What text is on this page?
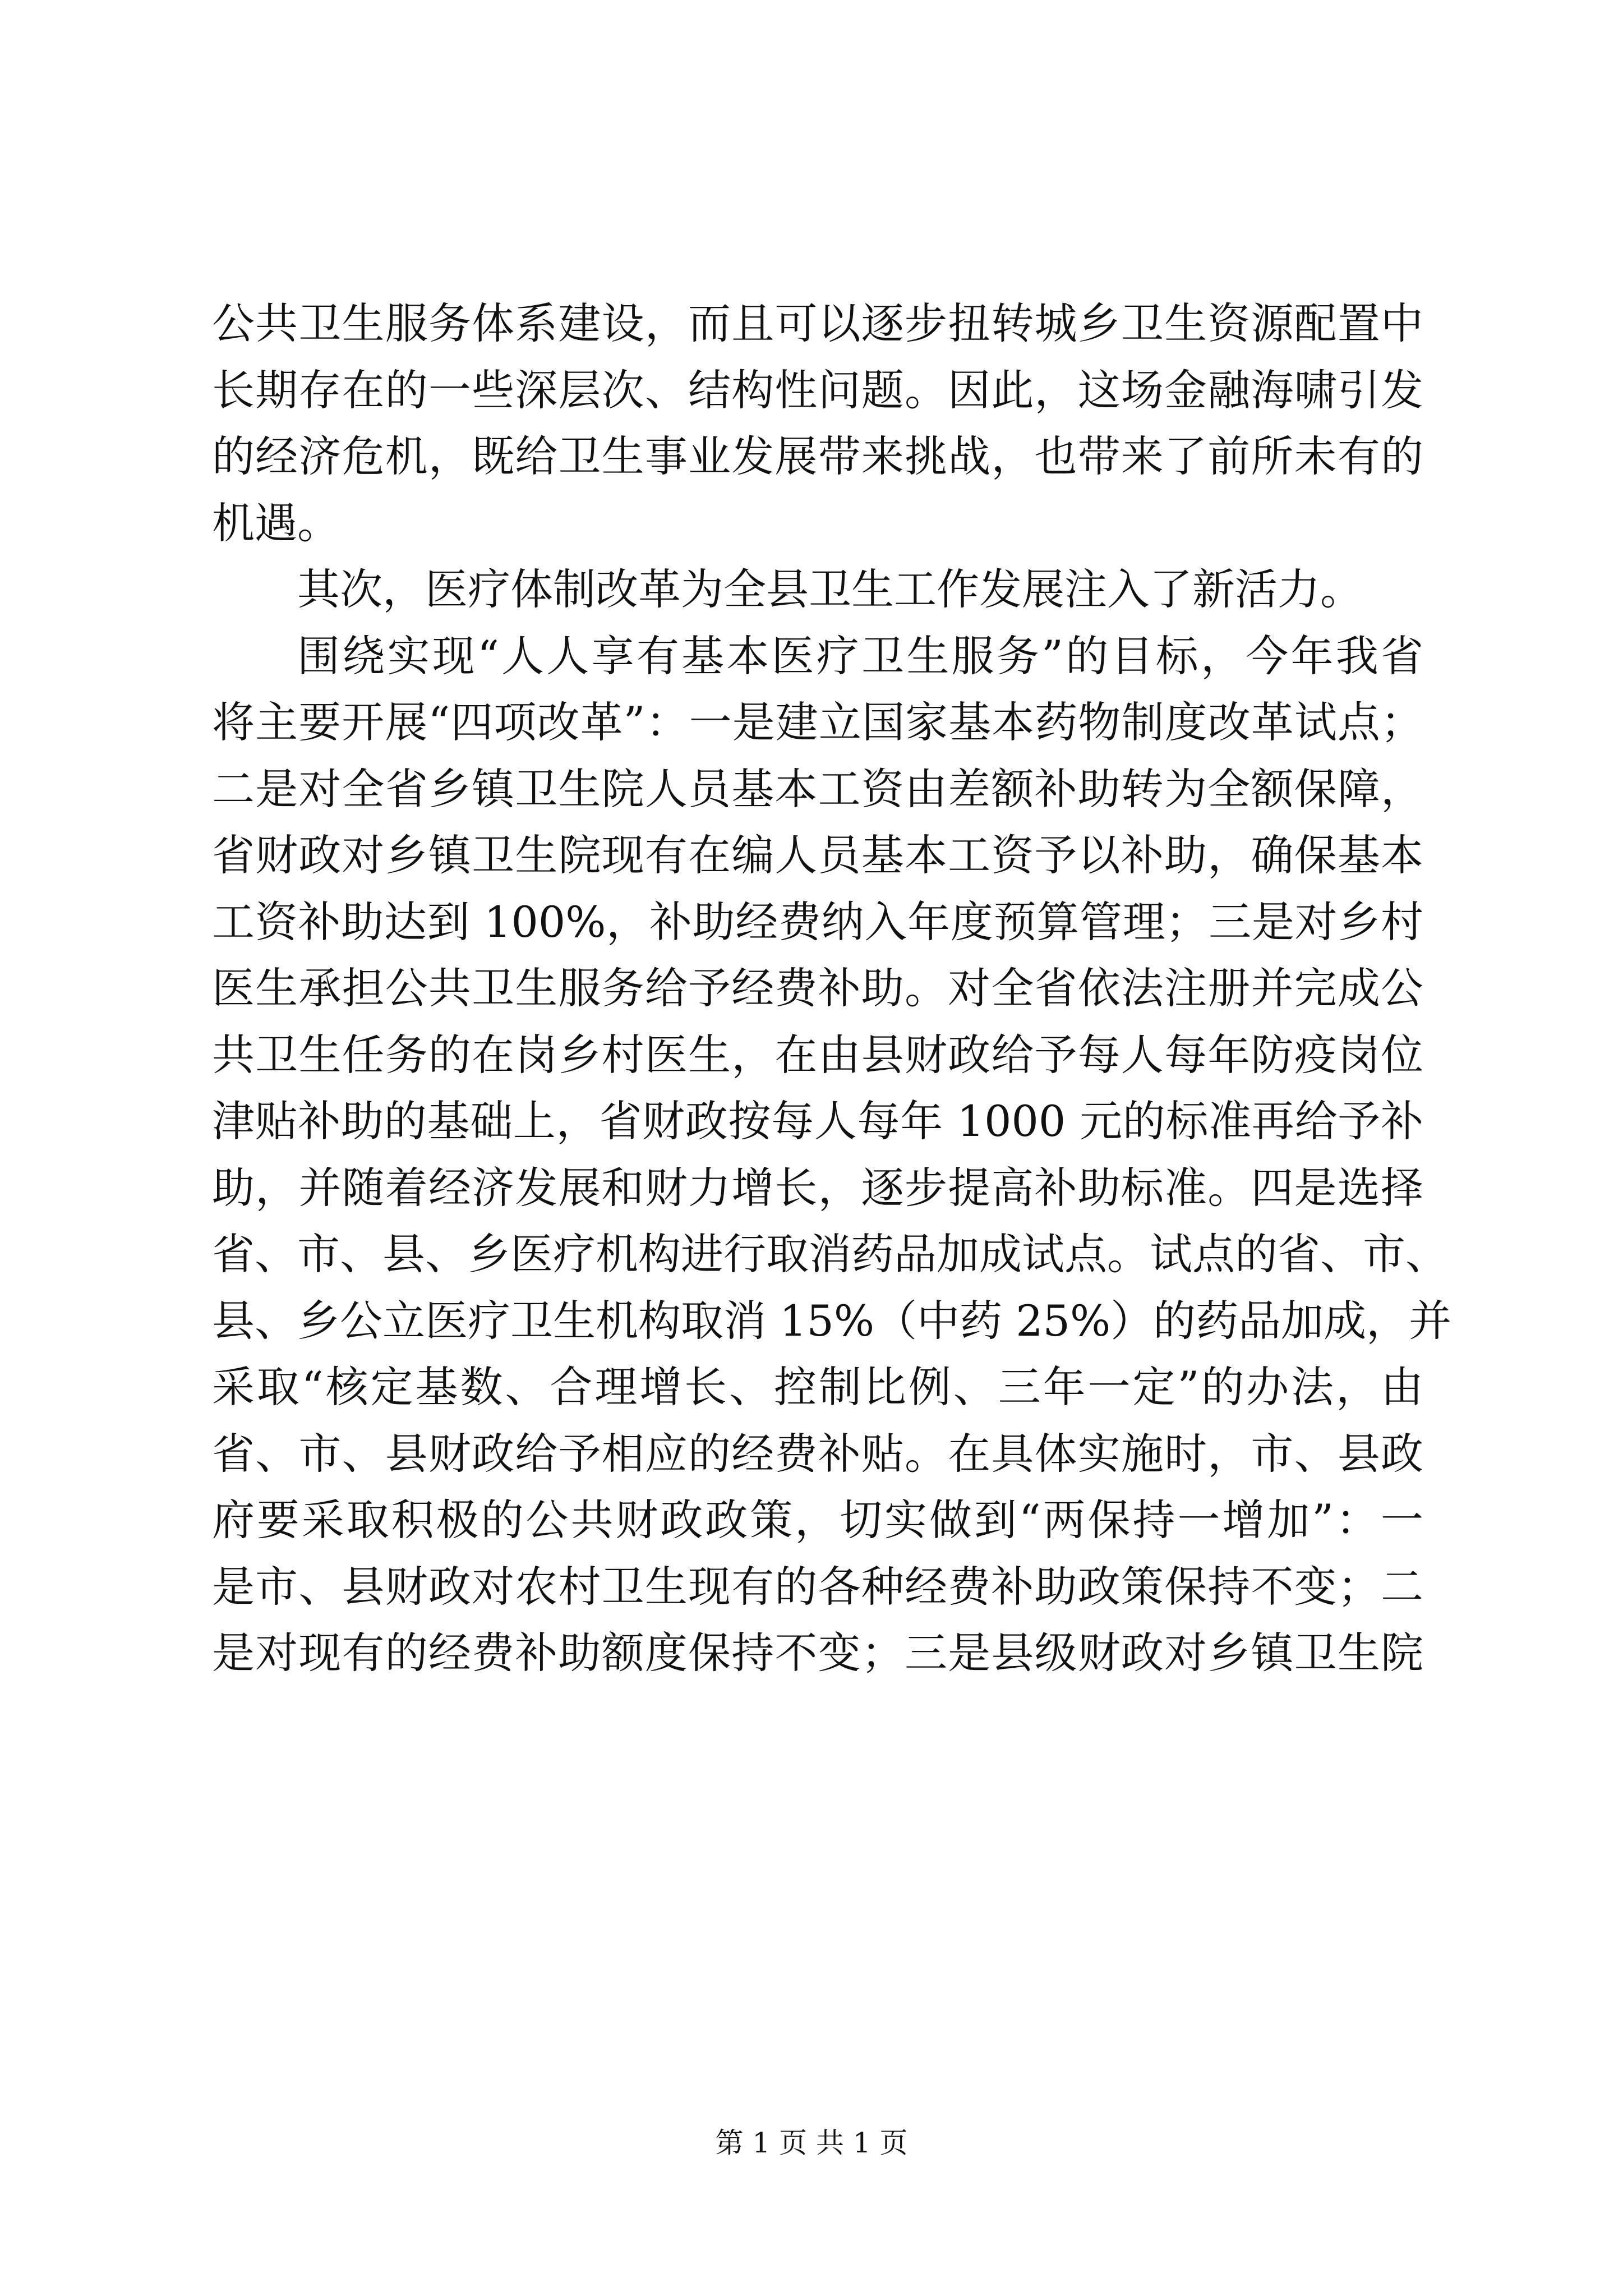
公共卫生服务体系建设，而且可以逐步扭转城乡卫生资源配置中
长期存在的一些深层次、结构性问题。因此，这场金融海啸引发
的经济危机，既给卫生事业发展带来挑战，也带来了前所未有的
机遇。
其次，医疗体制改革为全县卫生工作发展注入了新活力。
围绕实现“人人享有基本医疗卫生服务”的目标，今年我省
将主要开展“四项改革”：一是建立国家基本药物制度改革试点；
二是对全省乡镇卫生院人员基本工资由差额补助转为全额保障，
省财政对乡镇卫生院现有在编人员基本工资予以补助，确保基本
工资补助达到 100%，补助经费纳入年度预算管理；三是对乡村
医生承担公共卫生服务给予经费补助。对全省依法注册并完成公
共卫生任务的在岗乡村医生，在由县财政给予每人每年防疫岗位
津贴补助的基础上，省财政按每人每年 1000 元的标准再给予补
助，并随着经济发展和财力增长，逐步提高补助标准。四是选择
省、市、县、乡医疗机构进行取消药品加成试点。试点的省、市、
县、乡公立医疗卫生机构取消 15%（中药 25%）的药品加成，并
采取“核定基数、合理增长、控制比例、三年一定”的办法，由
省、市、县财政给予相应的经费补贴。在具体实施时，市、县政
府要采取积极的公共财政政策，切实做到“两保持一增加”：一
是市、县财政对农村卫生现有的各种经费补助政策保持不变；二
是对现有的经费补助额度保持不变；三是县级财政对乡镇卫生院
第 1 页 共 1 页
